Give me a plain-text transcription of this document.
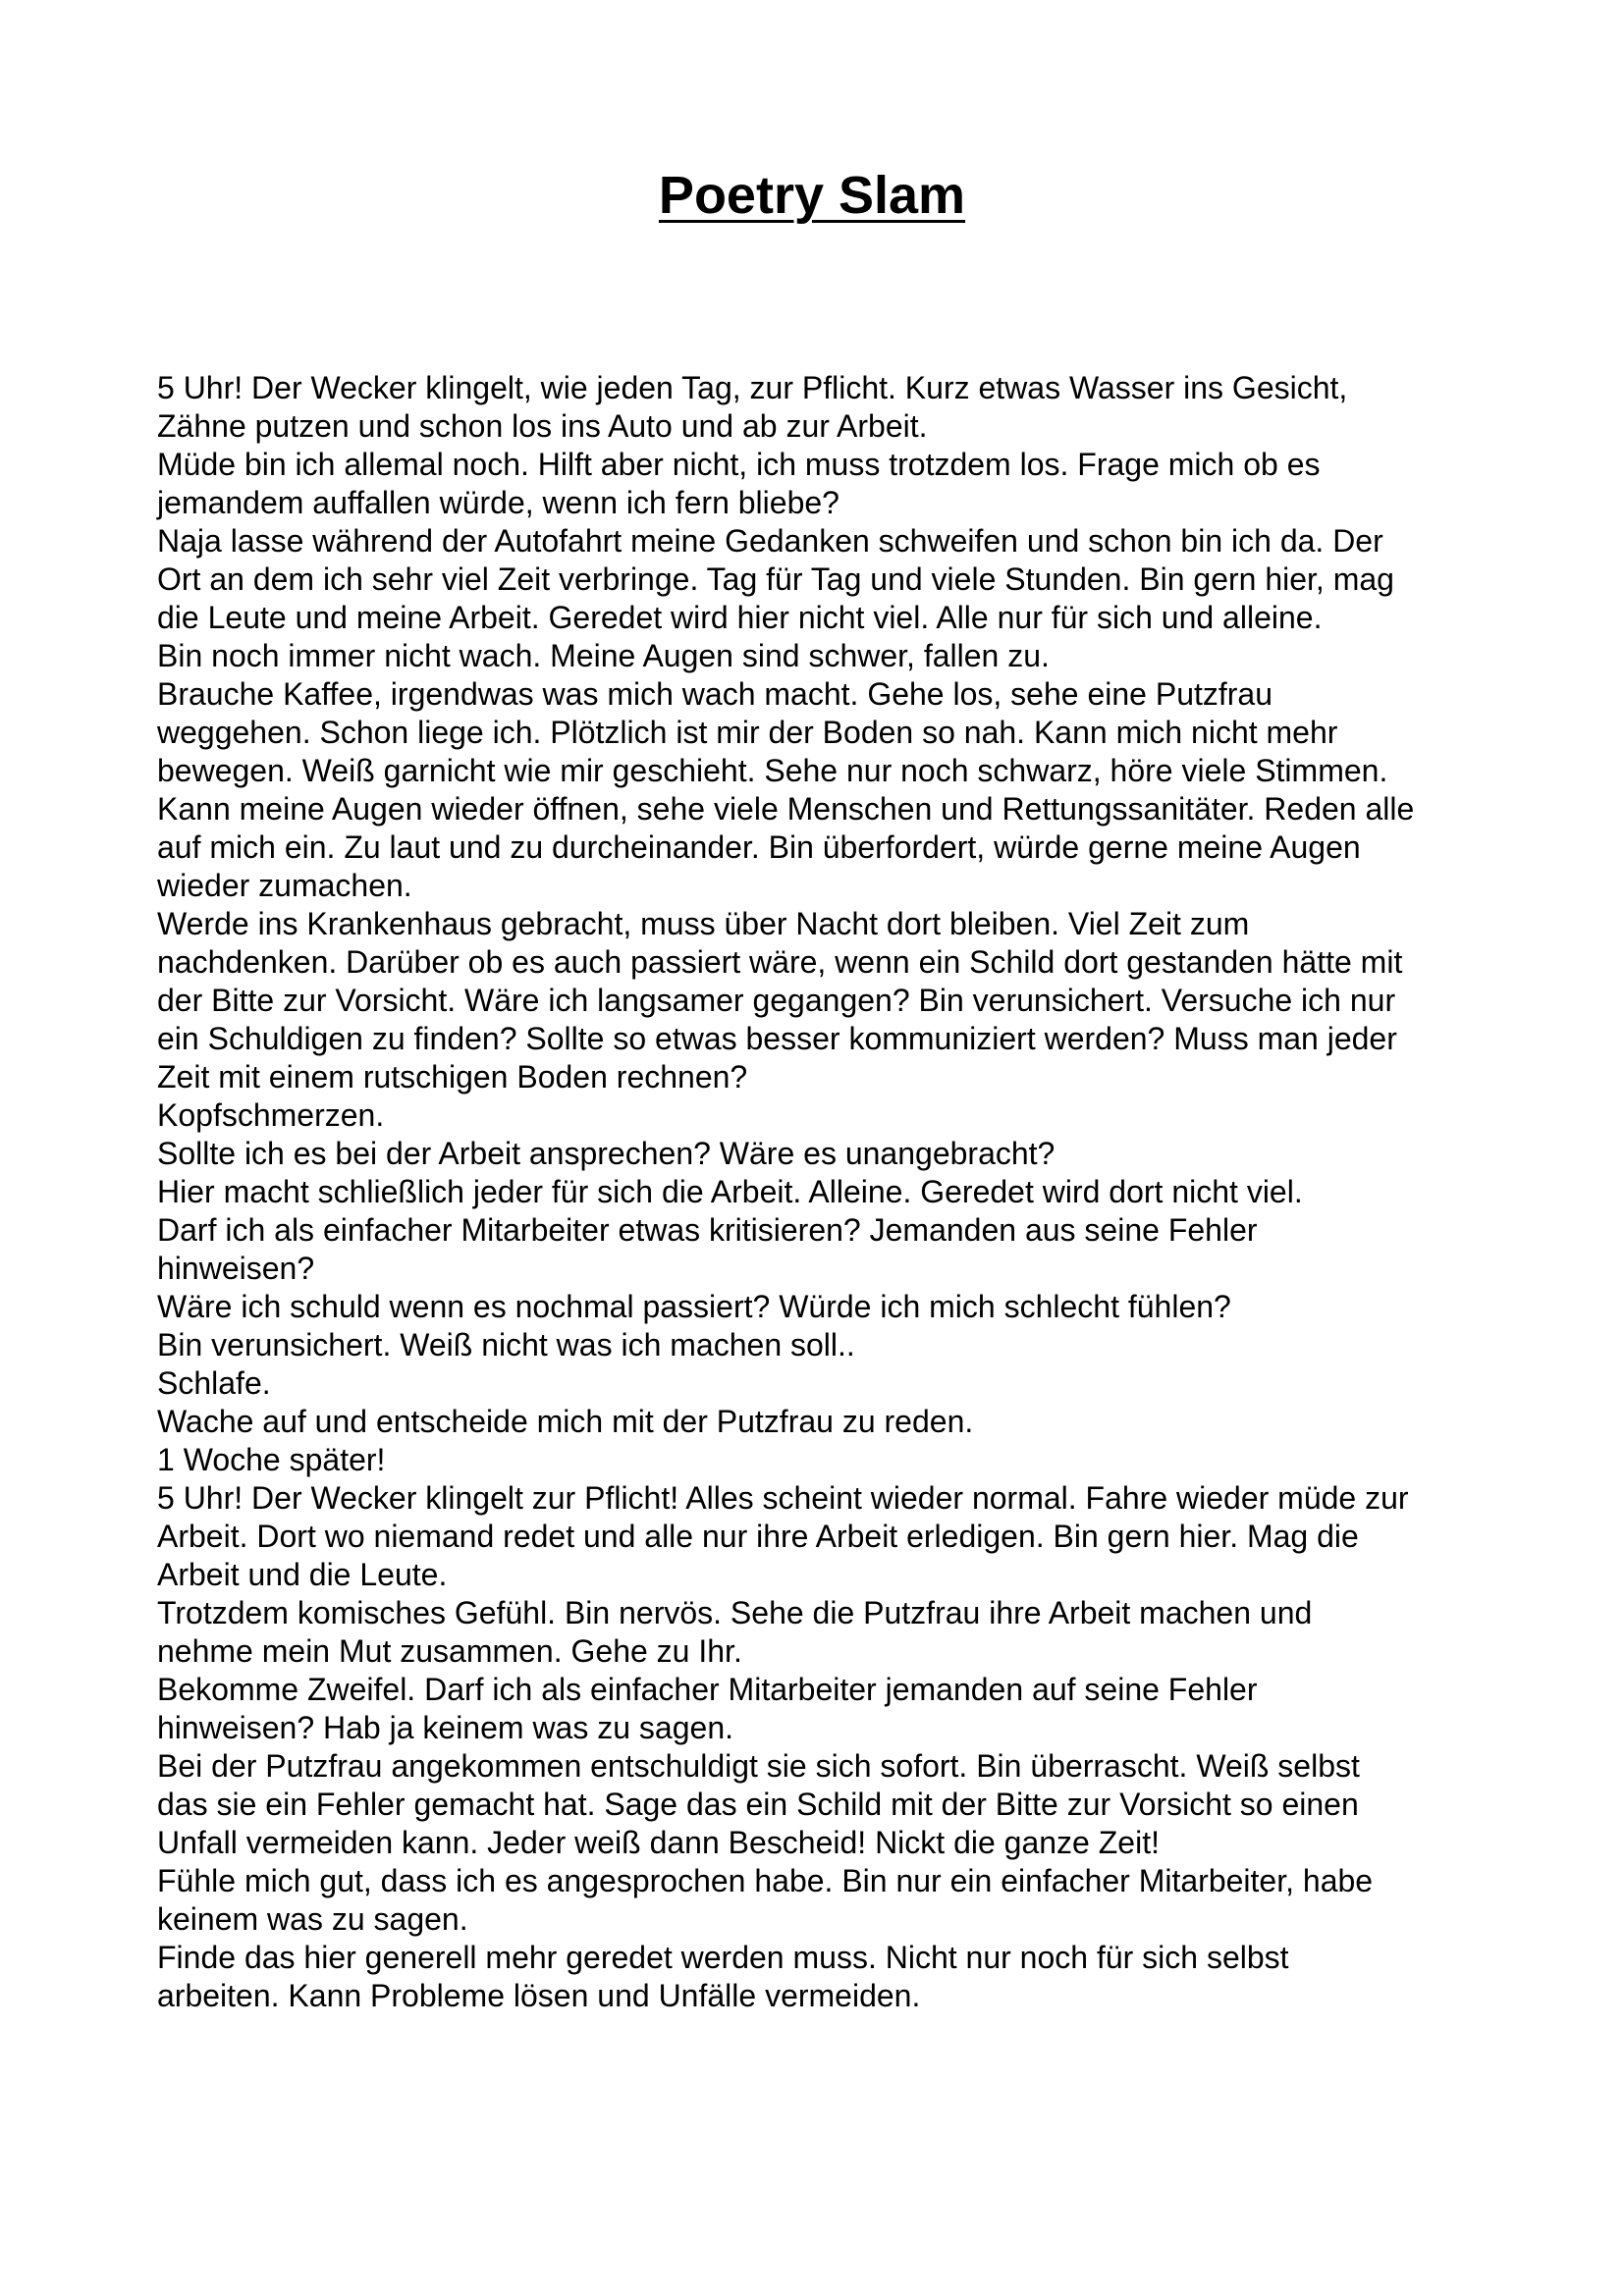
Poetry Slam
5 Uhr! Der Wecker klingelt, wie jeden Tag, zur Pflicht. Kurz etwas Wasser ins Gesicht,
Zähne putzen und schon los ins Auto und ab zur Arbeit.
Müde bin ich allemal noch. Hilft aber nicht, ich muss trotzdem los. Frage mich ob es
jemandem auffallen würde, wenn ich fern bliebe?
Naja lasse während der Autofahrt meine Gedanken schweifen und schon bin ich da. Der
Ort an dem ich sehr viel Zeit verbringe. Tag für Tag und viele Stunden. Bin gern hier, mag
die Leute und meine Arbeit. Geredet wird hier nicht viel. Alle nur für sich und alleine.
Bin noch immer nicht wach. Meine Augen sind schwer, fallen zu.
Brauche Kaffee, irgendwas was mich wach macht. Gehe los, sehe eine Putzfrau
weggehen. Schon liege ich. Plötzlich ist mir der Boden so nah. Kann mich nicht mehr
bewegen. Weiß garnicht wie mir geschieht. Sehe nur noch schwarz, höre viele Stimmen.
Kann meine Augen wieder öffnen, sehe viele Menschen und Rettungssanitäter. Reden alle
auf mich ein. Zu laut und zu durcheinander. Bin überfordert, würde gerne meine Augen
wieder zumachen.
Werde ins Krankenhaus gebracht, muss über Nacht dort bleiben. Viel Zeit zum
nachdenken. Darüber ob es auch passiert wäre, wenn ein Schild dort gestanden hätte mit
der Bitte zur Vorsicht. Wäre ich langsamer gegangen? Bin verunsichert. Versuche ich nur
ein Schuldigen zu finden? Sollte so etwas besser kommuniziert werden? Muss man jeder
Zeit mit einem rutschigen Boden rechnen?
Kopfschmerzen.
Sollte ich es bei der Arbeit ansprechen? Wäre es unangebracht?
Hier macht schließlich jeder für sich die Arbeit. Alleine. Geredet wird dort nicht viel.
Darf ich als einfacher Mitarbeiter etwas kritisieren? Jemanden aus seine Fehler
hinweisen?
Wäre ich schuld wenn es nochmal passiert? Würde ich mich schlecht fühlen?
Bin verunsichert. Weiß nicht was ich machen soll..
Schlafe.
Wache auf und entscheide mich mit der Putzfrau zu reden.
1 Woche später!
5 Uhr! Der Wecker klingelt zur Pflicht! Alles scheint wieder normal. Fahre wieder müde zur
Arbeit. Dort wo niemand redet und alle nur ihre Arbeit erledigen. Bin gern hier. Mag die
Arbeit und die Leute.
Trotzdem komisches Gefühl. Bin nervös. Sehe die Putzfrau ihre Arbeit machen und
nehme mein Mut zusammen. Gehe zu Ihr.
Bekomme Zweifel. Darf ich als einfacher Mitarbeiter jemanden auf seine Fehler
hinweisen? Hab ja keinem was zu sagen.
Bei der Putzfrau angekommen entschuldigt sie sich sofort. Bin überrascht. Weiß selbst
das sie ein Fehler gemacht hat. Sage das ein Schild mit der Bitte zur Vorsicht so einen
Unfall vermeiden kann. Jeder weiß dann Bescheid! Nickt die ganze Zeit!
Fühle mich gut, dass ich es angesprochen habe. Bin nur ein einfacher Mitarbeiter, habe
keinem was zu sagen.
Finde das hier generell mehr geredet werden muss. Nicht nur noch für sich selbst
arbeiten. Kann Probleme lösen und Unfälle vermeiden.
